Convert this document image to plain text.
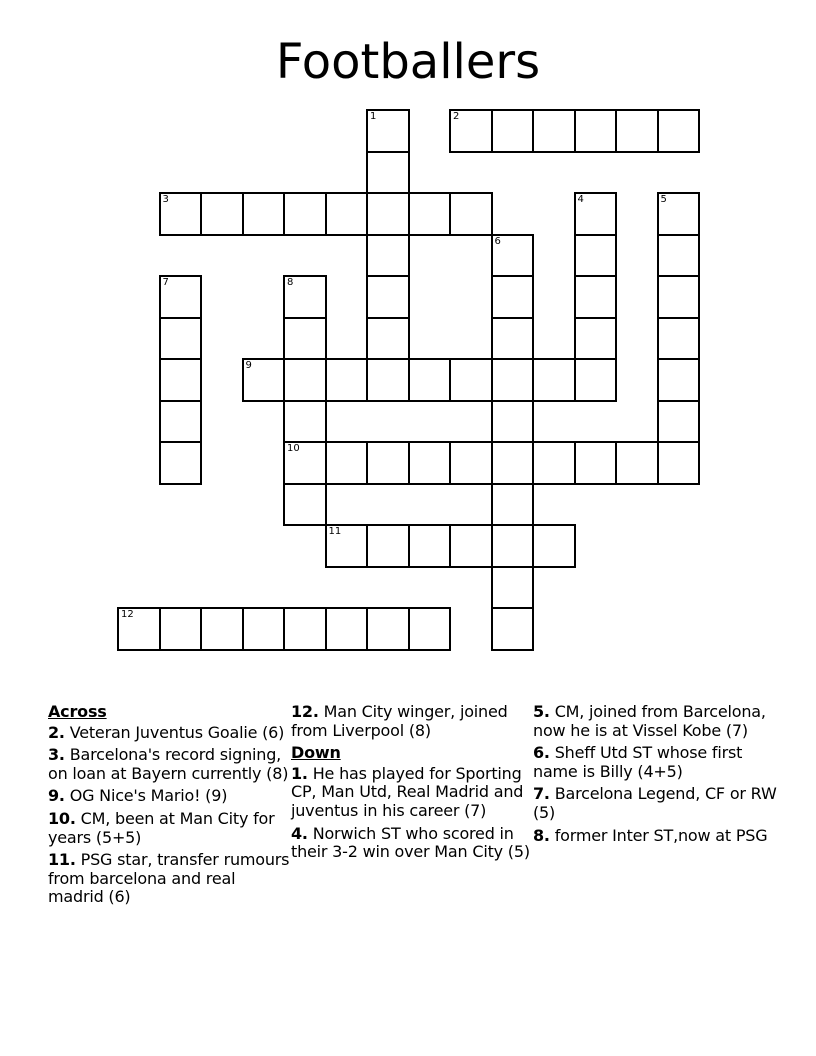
Footballers
1	2
3	4	5
6
7	8
10
9
11
12
Across
2. Veteran Juventus Goalie (6)
3. Barcelona's record signing, on loan at Bayern currently (8)
9. OG Nice's Mario! (9)
10. CM, been at Man City for years (5+5)
11. PSG star, transfer rumours from barcelona and real madrid (6)
12. Man City winger, joined from Liverpool (8)
Down
1. He has played for Sporting CP, Man Utd, Real Madrid and juventus in his career (7)
4. Norwich ST who scored in their 3-2 win over Man City (5)
5. CM, joined from Barcelona, now he is at Vissel Kobe (7)
6. Sheff Utd ST whose first name is Billy (4+5)
7. Barcelona Legend, CF or RW (5)
8. former Inter ST,now at PSG
